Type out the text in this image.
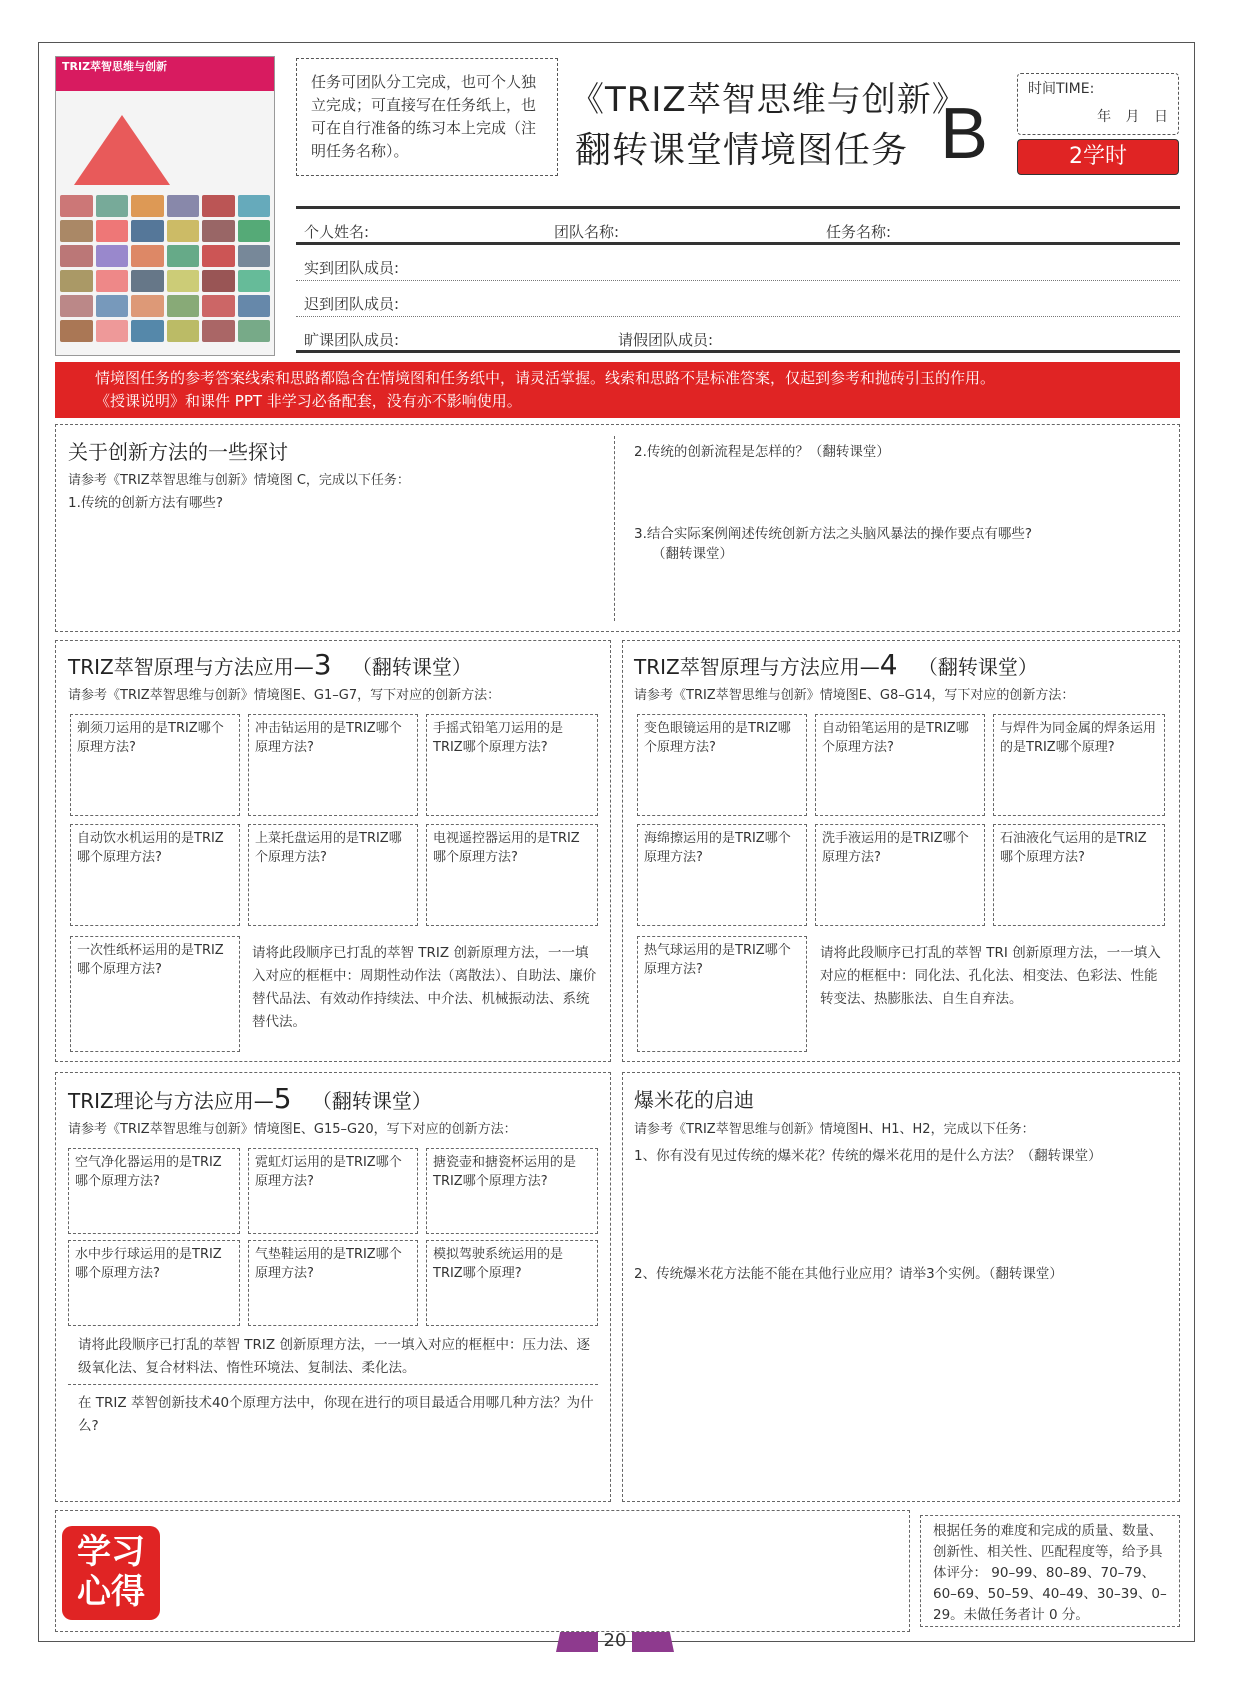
TRIZ萃智思维与创新
任务可团队分工完成，也可个人独立完成；可直接写在任务纸上，也可在自行准备的练习本上完成（注明任务名称）。
《TRIZ萃智思维与创新》
翻转课堂情境图任务 B
时间TIME:
年 月 日
2学时
个人姓名:	团队名称:	任务名称:
实到团队成员:
迟到团队成员:
旷课团队成员:	请假团队成员:
情境图任务的参考答案线索和思路都隐含在情境图和任务纸中，请灵活掌握。线索和思路不是标准答案，仅起到参考和抛砖引玉的作用。
《授课说明》和课件 PPT 非学习必备配套，没有亦不影响使用。
关于创新方法的一些探讨
请参考《TRIZ萃智思维与创新》情境图 C，完成以下任务：
1.传统的创新方法有哪些?
2.传统的创新流程是怎样的？（翻转课堂）
3.结合实际案例阐述传统创新方法之头脑风暴法的操作要点有哪些?
（翻转课堂）
TRIZ萃智原理与方法应用—3 （翻转课堂）
请参考《TRIZ萃智思维与创新》情境图E、G1–G7，写下对应的创新方法：
剃须刀运用的是TRIZ哪个原理方法?
冲击钻运用的是TRIZ哪个原理方法?
手摇式铅笔刀运用的是TRIZ哪个原理方法?
自动饮水机运用的是TRIZ哪个原理方法?
上菜托盘运用的是TRIZ哪个原理方法?
电视遥控器运用的是TRIZ哪个原理方法?
一次性纸杯运用的是TRIZ哪个原理方法?
请将此段顺序已打乱的萃智 TRIZ 创新原理方法，一一填入对应的框框中：周期性动作法（离散法）、自助法、廉价替代品法、有效动作持续法、中介法、机械振动法、系统替代法。
TRIZ萃智原理与方法应用—4 （翻转课堂）
请参考《TRIZ萃智思维与创新》情境图E、G8–G14，写下对应的创新方法：
变色眼镜运用的是TRIZ哪个原理方法?
自动铅笔运用的是TRIZ哪个原理方法?
与焊件为同金属的焊条运用的是TRIZ哪个原理?
海绵擦运用的是TRIZ哪个原理方法?
洗手液运用的是TRIZ哪个原理方法?
石油液化气运用的是TRIZ哪个原理方法?
热气球运用的是TRIZ哪个原理方法?
请将此段顺序已打乱的萃智 TRI 创新原理方法，一一填入对应的框框中：同化法、孔化法、相变法、色彩法、性能转变法、热膨胀法、自生自弃法。
TRIZ理论与方法应用—5 （翻转课堂）
请参考《TRIZ萃智思维与创新》情境图E、G15–G20，写下对应的创新方法：
空气净化器运用的是TRIZ哪个原理方法?
霓虹灯运用的是TRIZ哪个原理方法?
搪瓷壶和搪瓷杯运用的是TRIZ哪个原理方法?
水中步行球运用的是TRIZ哪个原理方法?
气垫鞋运用的是TRIZ哪个原理方法?
模拟驾驶系统运用的是TRIZ哪个原理?
请将此段顺序已打乱的萃智 TRIZ 创新原理方法，一一填入对应的框框中：压力法、逐级氧化法、复合材料法、惰性环境法、复制法、柔化法。
在 TRIZ 萃智创新技术40个原理方法中，你现在进行的项目最适合用哪几种方法？为什么?
爆米花的启迪
请参考《TRIZ萃智思维与创新》情境图H、H1、H2，完成以下任务：
1、你有没有见过传统的爆米花？传统的爆米花用的是什么方法？（翻转课堂）
2、传统爆米花方法能不能在其他行业应用？请举3个实例。（翻转课堂）
学习心得
根据任务的难度和完成的质量、数量、创新性、相关性、匹配程度等，给予具体评分： 90–99、80–89、70–79、60–69、50–59、40–49、30–39、0–29。未做任务者计 0 分。
20
